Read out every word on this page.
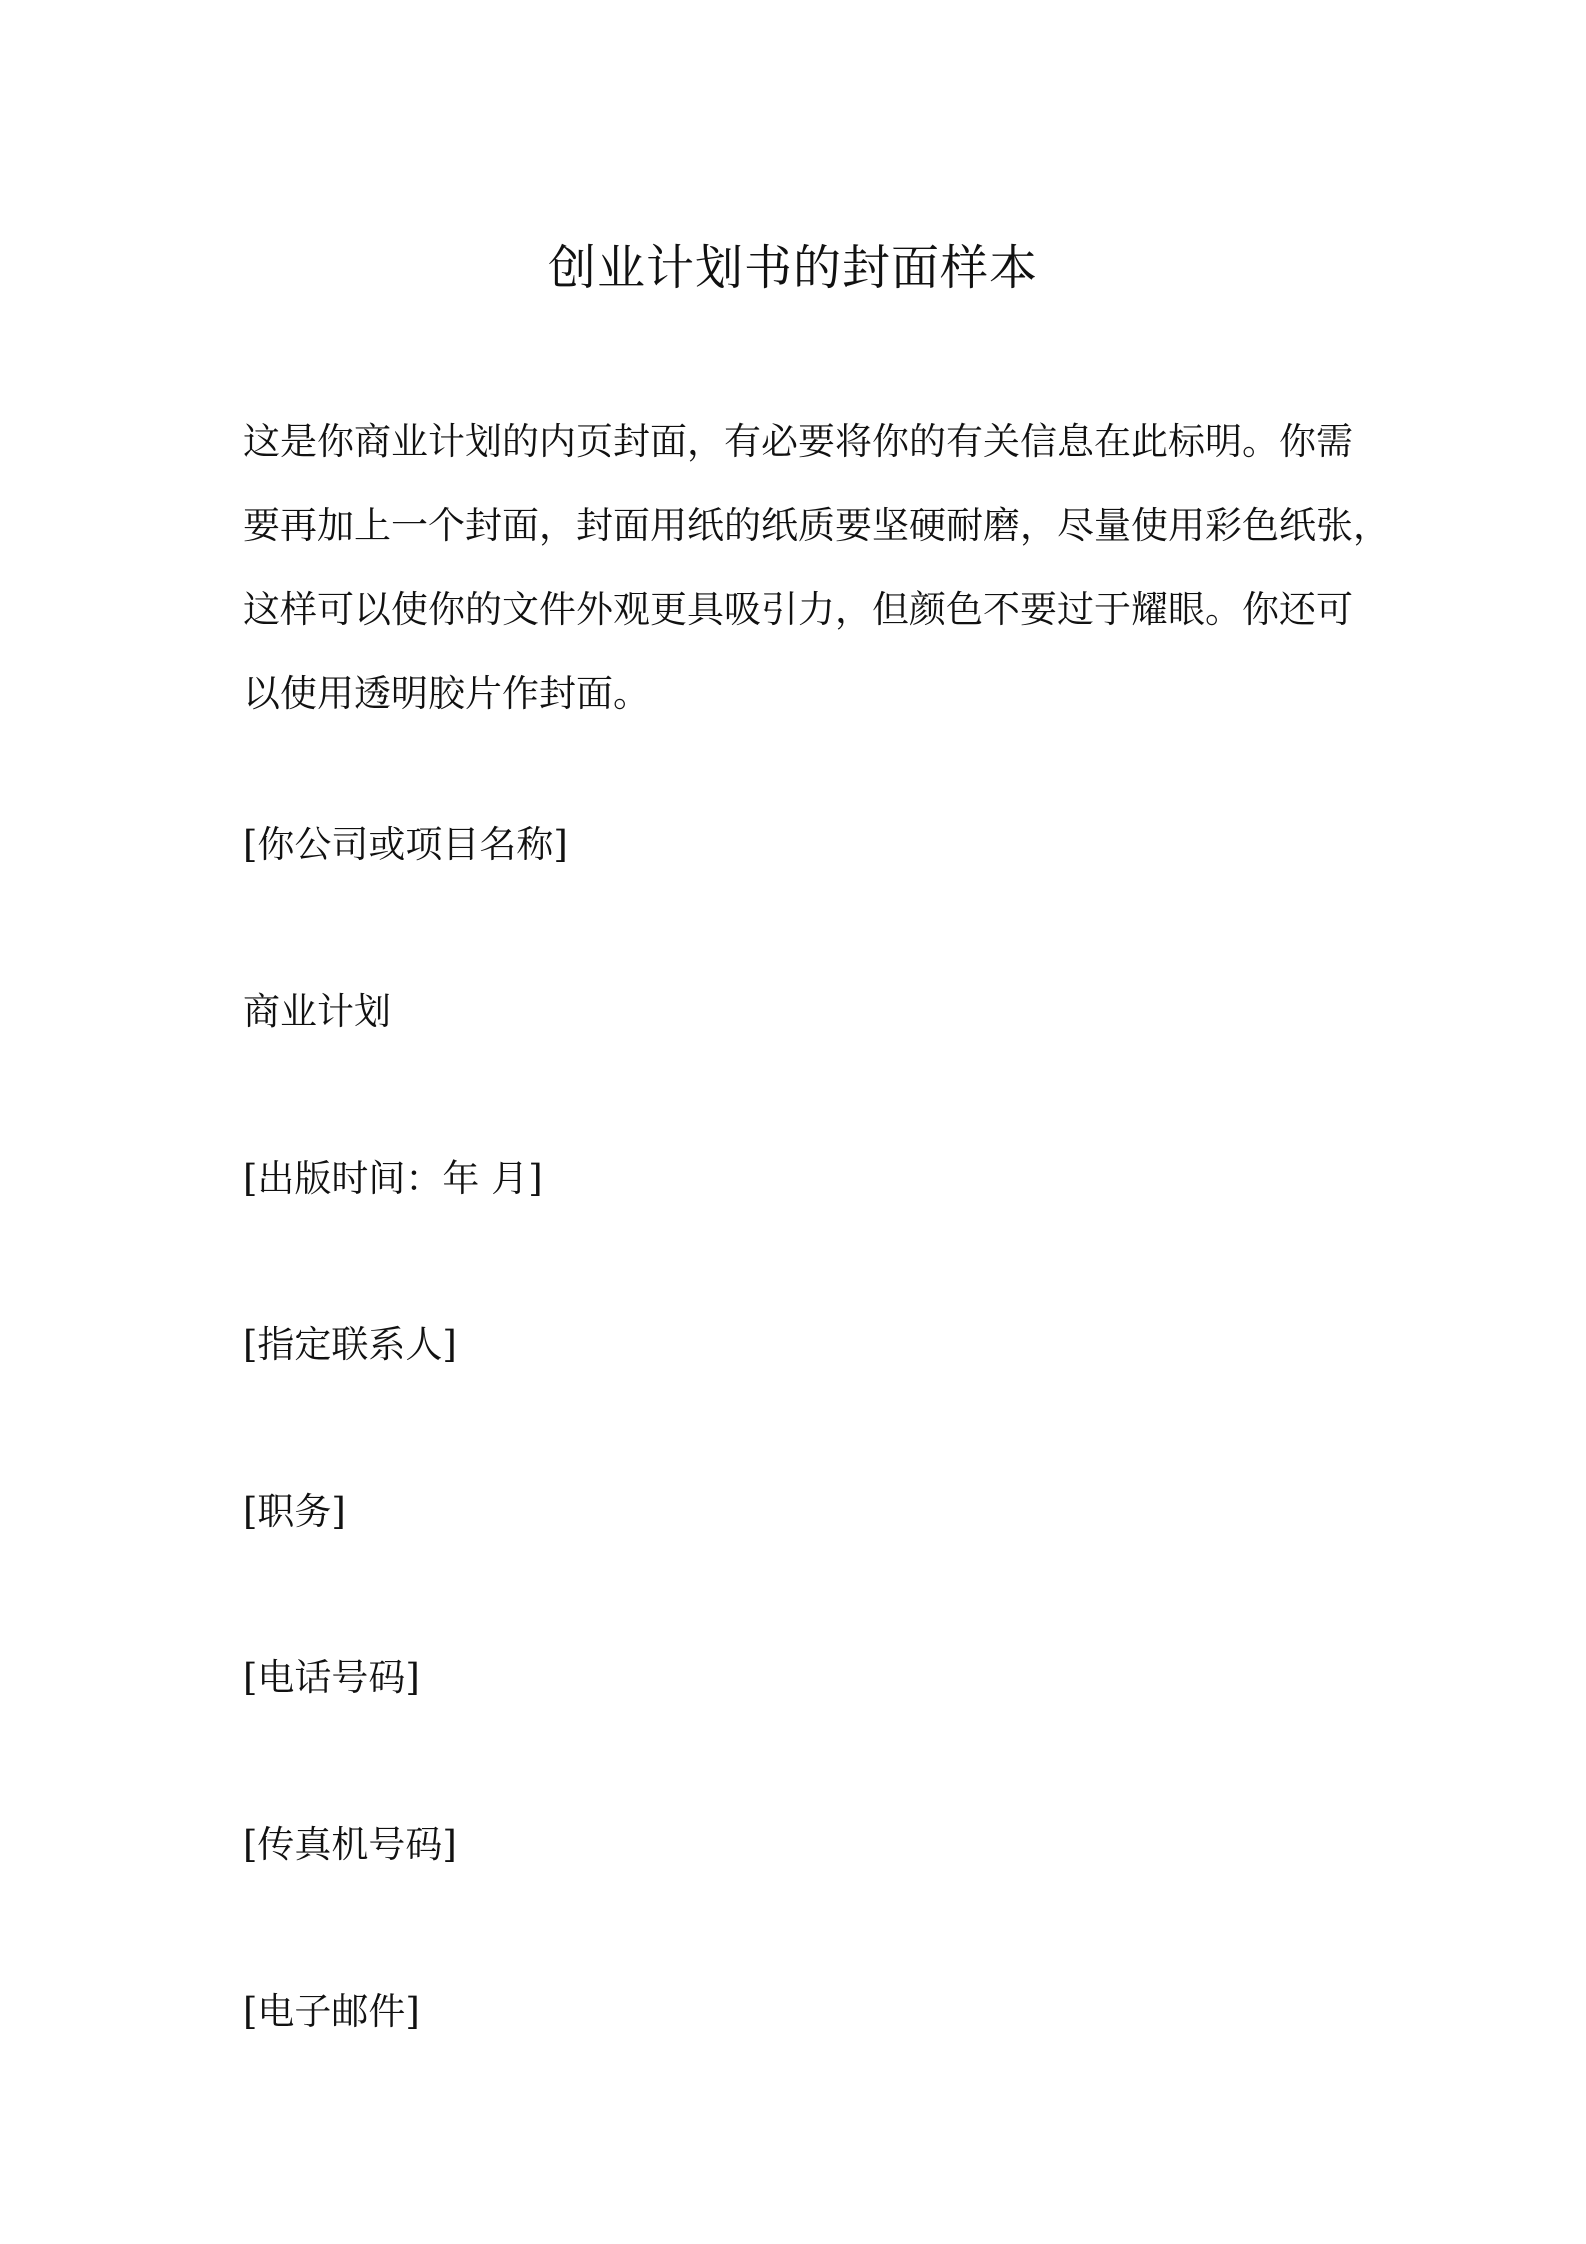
创业计划书的封面样本

这是你商业计划的内页封面，有必要将你的有关信息在此标明。你需
要再加上一个封面，封面用纸的纸质要坚硬耐磨，尽量使用彩色纸张，
这样可以使你的文件外观更具吸引力，但颜色不要过于耀眼。你还可
以使用透明胶片作封面。

[你公司或项目名称]

商业计划

[出版时间：年 月]

[指定联系人]

[职务]

[电话号码]

[传真机号码]

[电子邮件]
